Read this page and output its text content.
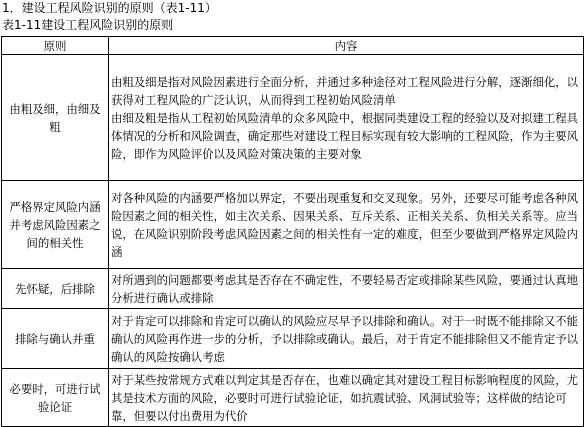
1．建设工程风险识别的原则（表1-11）
表1-11建设工程风险识别的原则
原则	内容
由粗及细，由细及粗	由粗及细是指对风险因素进行全面分析，并通过多种途径对工程风险进行分解，逐渐细化，以获得对工程风险的广泛认识，从而得到工程初始风险清单

由细及粗是指从工程初始风险清单的众多风险中，根据同类建设工程的经验以及对拟建工程具体情况的分析和风险调查，确定那些对建设工程目标实现有较大影响的工程风险，作为主要风险，即作为风险评价以及风险对策决策的主要对象

严格界定风险内涵并考虑风险因素之间的相关性	对各种风险的内涵要严格加以界定，不要出现重复和交叉现象。另外，还要尽可能考虑各种风险因素之间的相关性，如主次关系、因果关系、互斥关系、正相关关系、负相关关系等。应当说，在风险识别阶段考虑风险因素之间的相关性有一定的难度，但至少要做到严格界定风险内涵

先怀疑，后排除	对所遇到的问题都要考虑其是否存在不确定性，不要轻易否定或排除某些风险，要通过认真地分析进行确认或排除

排除与确认并重	对于肯定可以排除和肯定可以确认的风险应尽早予以排除和确认。对于一时既不能排除又不能确认的风险再作进一步的分析，予以排除或确认。最后，对于肯定不能排除但又不能肯定予以确认的风险按确认考虑

必要时，可进行试验论证	对于某些按常规方式难以判定其是否存在，也难以确定其对建设工程目标影响程度的风险，尤其是技术方面的风险，必要时可进行试验论证，如抗震试验、风洞试验等；这样做的结论可靠，但要以付出费用为代价
